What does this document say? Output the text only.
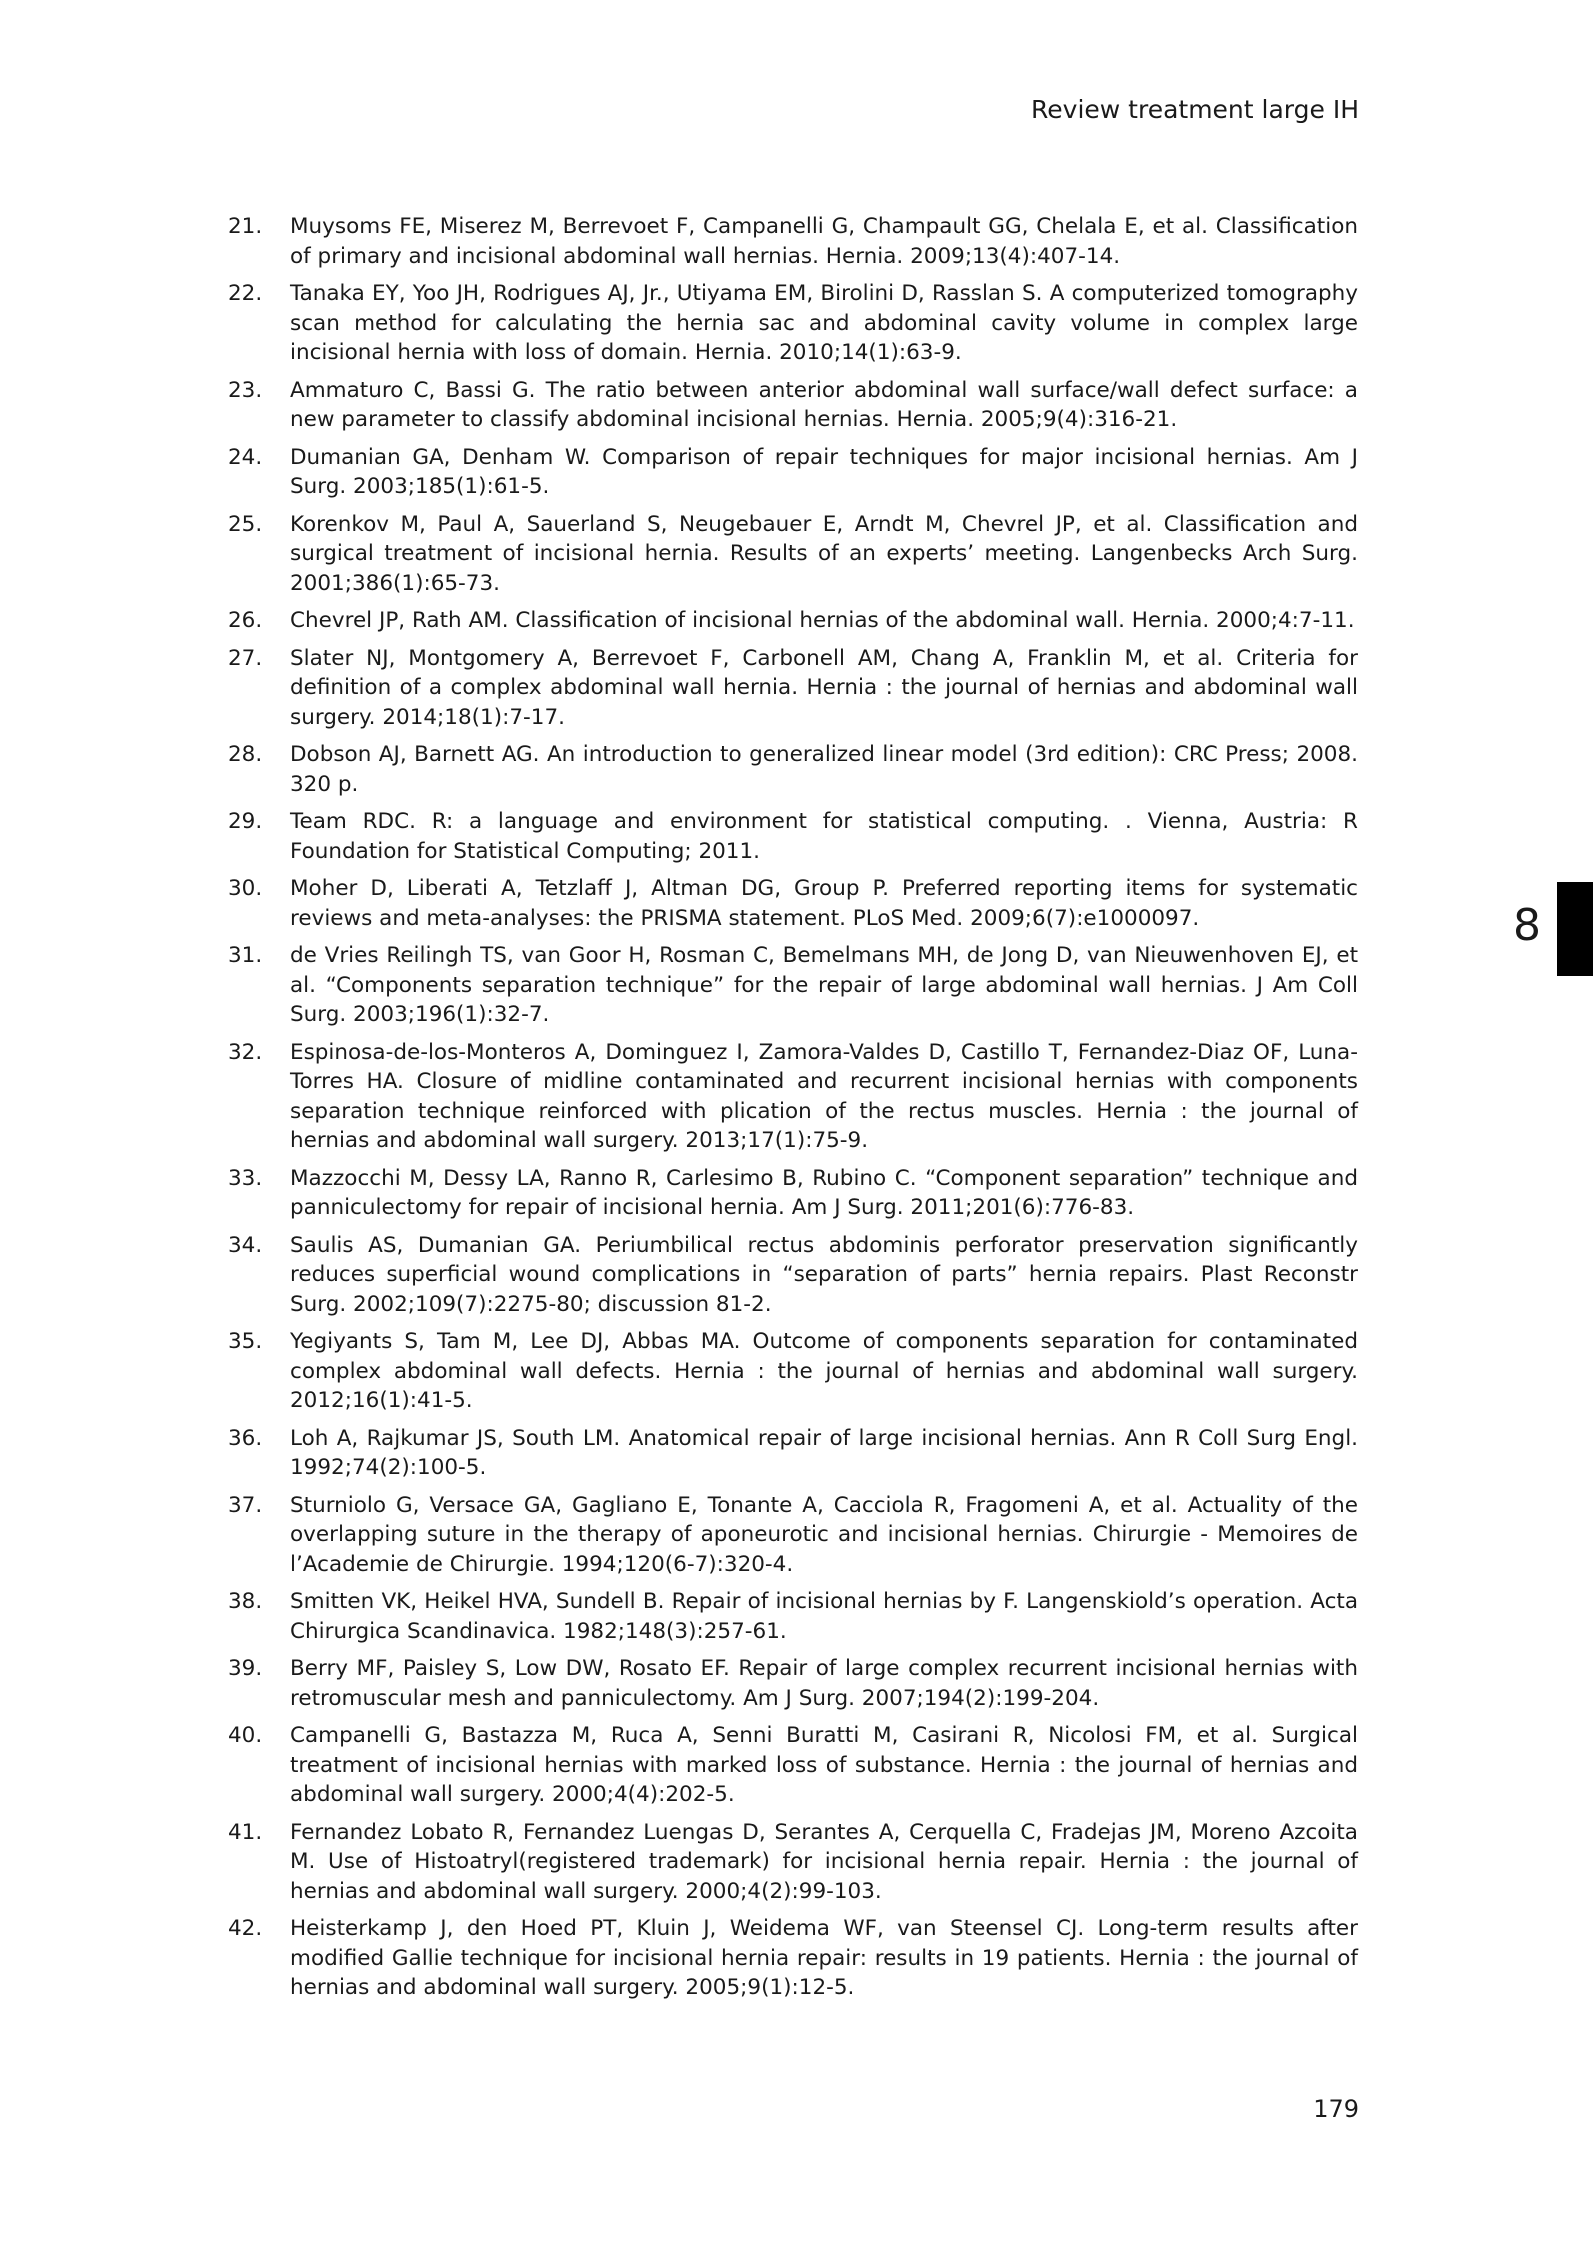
Review treatment large IH
8
21.	Muysoms FE, Miserez M, Berrevoet F, Campanelli G, Champault GG, Chelala E, et al. Classification of primary and incisional abdominal wall hernias. Hernia. 2009;13(4):407-14.
22.	Tanaka EY, Yoo JH, Rodrigues AJ, Jr., Utiyama EM, Birolini D, Rasslan S. A computerized tomography scan method for calculating the hernia sac and abdominal cavity volume in complex large incisional hernia with loss of domain. Hernia. 2010;14(1):63-9.
23.	Ammaturo C, Bassi G. The ratio between anterior abdominal wall surface/wall defect surface: a new parameter to classify abdominal incisional hernias. Hernia. 2005;9(4):316-21.
24.	Dumanian GA, Denham W. Comparison of repair techniques for major incisional hernias. Am J Surg. 2003;185(1):61-5.
25.	Korenkov M, Paul A, Sauerland S, Neugebauer E, Arndt M, Chevrel JP, et al. Classification and surgical treatment of incisional hernia. Results of an experts’ meeting. Langenbecks Arch Surg. 2001;386(1):65-73.
26.	Chevrel JP, Rath AM. Classification of incisional hernias of the abdominal wall. Hernia. 2000;4:7-11.
27.	Slater NJ, Montgomery A, Berrevoet F, Carbonell AM, Chang A, Franklin M, et al. Criteria for definition of a complex abdominal wall hernia. Hernia : the journal of hernias and abdominal wall surgery. 2014;18(1):7-17.
28.	Dobson AJ, Barnett AG. An introduction to generalized linear model (3rd edition): CRC Press; 2008. 320 p.
29.	Team RDC. R: a language and environment for statistical computing. . Vienna, Austria: R Foundation for Statistical Computing; 2011.
30.	Moher D, Liberati A, Tetzlaff J, Altman DG, Group P. Preferred reporting items for systematic reviews and meta-analyses: the PRISMA statement. PLoS Med. 2009;6(7):e1000097.
31.	de Vries Reilingh TS, van Goor H, Rosman C, Bemelmans MH, de Jong D, van Nieuwenhoven EJ, et al. “Components separation technique” for the repair of large abdominal wall hernias. J Am Coll Surg. 2003;196(1):32-7.
32.	Espinosa-de-los-Monteros A, Dominguez I, Zamora-Valdes D, Castillo T, Fernandez-Diaz OF, Luna-Torres HA. Closure of midline contaminated and recurrent incisional hernias with components separation technique reinforced with plication of the rectus muscles. Hernia : the journal of hernias and abdominal wall surgery. 2013;17(1):75-9.
33.	Mazzocchi M, Dessy LA, Ranno R, Carlesimo B, Rubino C. “Component separation” technique and panniculectomy for repair of incisional hernia. Am J Surg. 2011;201(6):776-83.
34.	Saulis AS, Dumanian GA. Periumbilical rectus abdominis perforator preservation significantly reduces superficial wound complications in “separation of parts” hernia repairs. Plast Reconstr Surg. 2002;109(7):2275-80; discussion 81-2.
35.	Yegiyants S, Tam M, Lee DJ, Abbas MA. Outcome of components separation for contaminated complex abdominal wall defects. Hernia : the journal of hernias and abdominal wall surgery. 2012;16(1):41-5.
36.	Loh A, Rajkumar JS, South LM. Anatomical repair of large incisional hernias. Ann R Coll Surg Engl. 1992;74(2):100-5.
37.	Sturniolo G, Versace GA, Gagliano E, Tonante A, Cacciola R, Fragomeni A, et al. Actuality of the overlapping suture in the therapy of aponeurotic and incisional hernias. Chirurgie - Memoires de l’Academie de Chirurgie. 1994;120(6-7):320-4.
38.	Smitten VK, Heikel HVA, Sundell B. Repair of incisional hernias by F. Langenskiold’s operation. Acta Chirurgica Scandinavica. 1982;148(3):257-61.
39.	Berry MF, Paisley S, Low DW, Rosato EF. Repair of large complex recurrent incisional hernias with retromuscular mesh and panniculectomy. Am J Surg. 2007;194(2):199-204.
40.	Campanelli G, Bastazza M, Ruca A, Senni Buratti M, Casirani R, Nicolosi FM, et al. Surgical treatment of incisional hernias with marked loss of substance. Hernia : the journal of hernias and abdominal wall surgery. 2000;4(4):202-5.
41.	Fernandez Lobato R, Fernandez Luengas D, Serantes A, Cerquella C, Fradejas JM, Moreno Azcoita M. Use of Histoatryl(registered trademark) for incisional hernia repair. Hernia : the journal of hernias and abdominal wall surgery. 2000;4(2):99-103.
42.	Heisterkamp J, den Hoed PT, Kluin J, Weidema WF, van Steensel CJ. Long-term results after modified Gallie technique for incisional hernia repair: results in 19 patients. Hernia : the journal of hernias and abdominal wall surgery. 2005;9(1):12-5.
179
